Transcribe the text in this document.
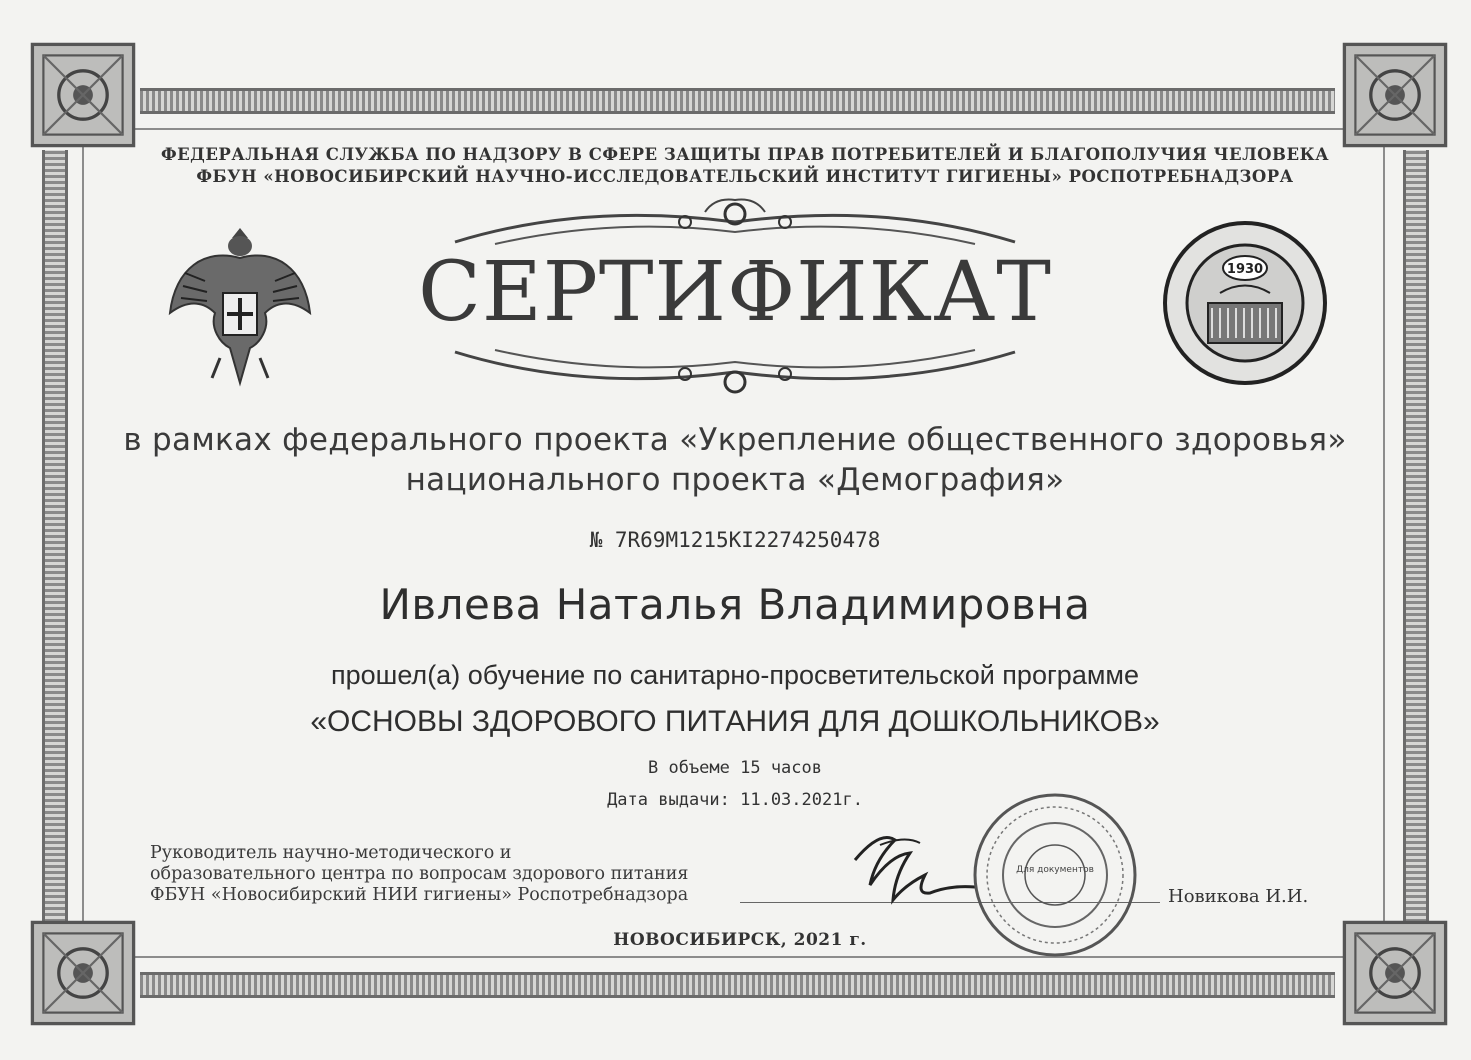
ФЕДЕРАЛЬНАЯ СЛУЖБА ПО НАДЗОРУ В СФЕРЕ ЗАЩИТЫ ПРАВ ПОТРЕБИТЕЛЕЙ И БЛАГОПОЛУЧИЯ ЧЕЛОВЕКА
ФБУН «НОВОСИБИРСКИЙ НАУЧНО-ИССЛЕДОВАТЕЛЬСКИЙ ИНСТИТУТ ГИГИЕНЫ» РОСПОТРЕБНАДЗОРА
СЕРТИФИКАТ	1930
в рамках федерального проекта «Укрепление общественного здоровья»
национального проекта «Демография»
№ 7R69M1215KI2274250478
Ивлева Наталья Владимировна
прошел(а) обучение по санитарно-просветительской программе
«ОСНОВЫ ЗДОРОВОГО ПИТАНИЯ ДЛЯ ДОШКОЛЬНИКОВ»
В объеме 15 часов
Дата выдачи: 11.03.2021г.
Руководитель научно-методического и
образовательного центра по вопросам здорового питания
ФБУН «Новосибирский НИИ гигиены» Роспотребнадзора
Для документов
Новикова И.И.
НОВОСИБИРСК, 2021 г.
